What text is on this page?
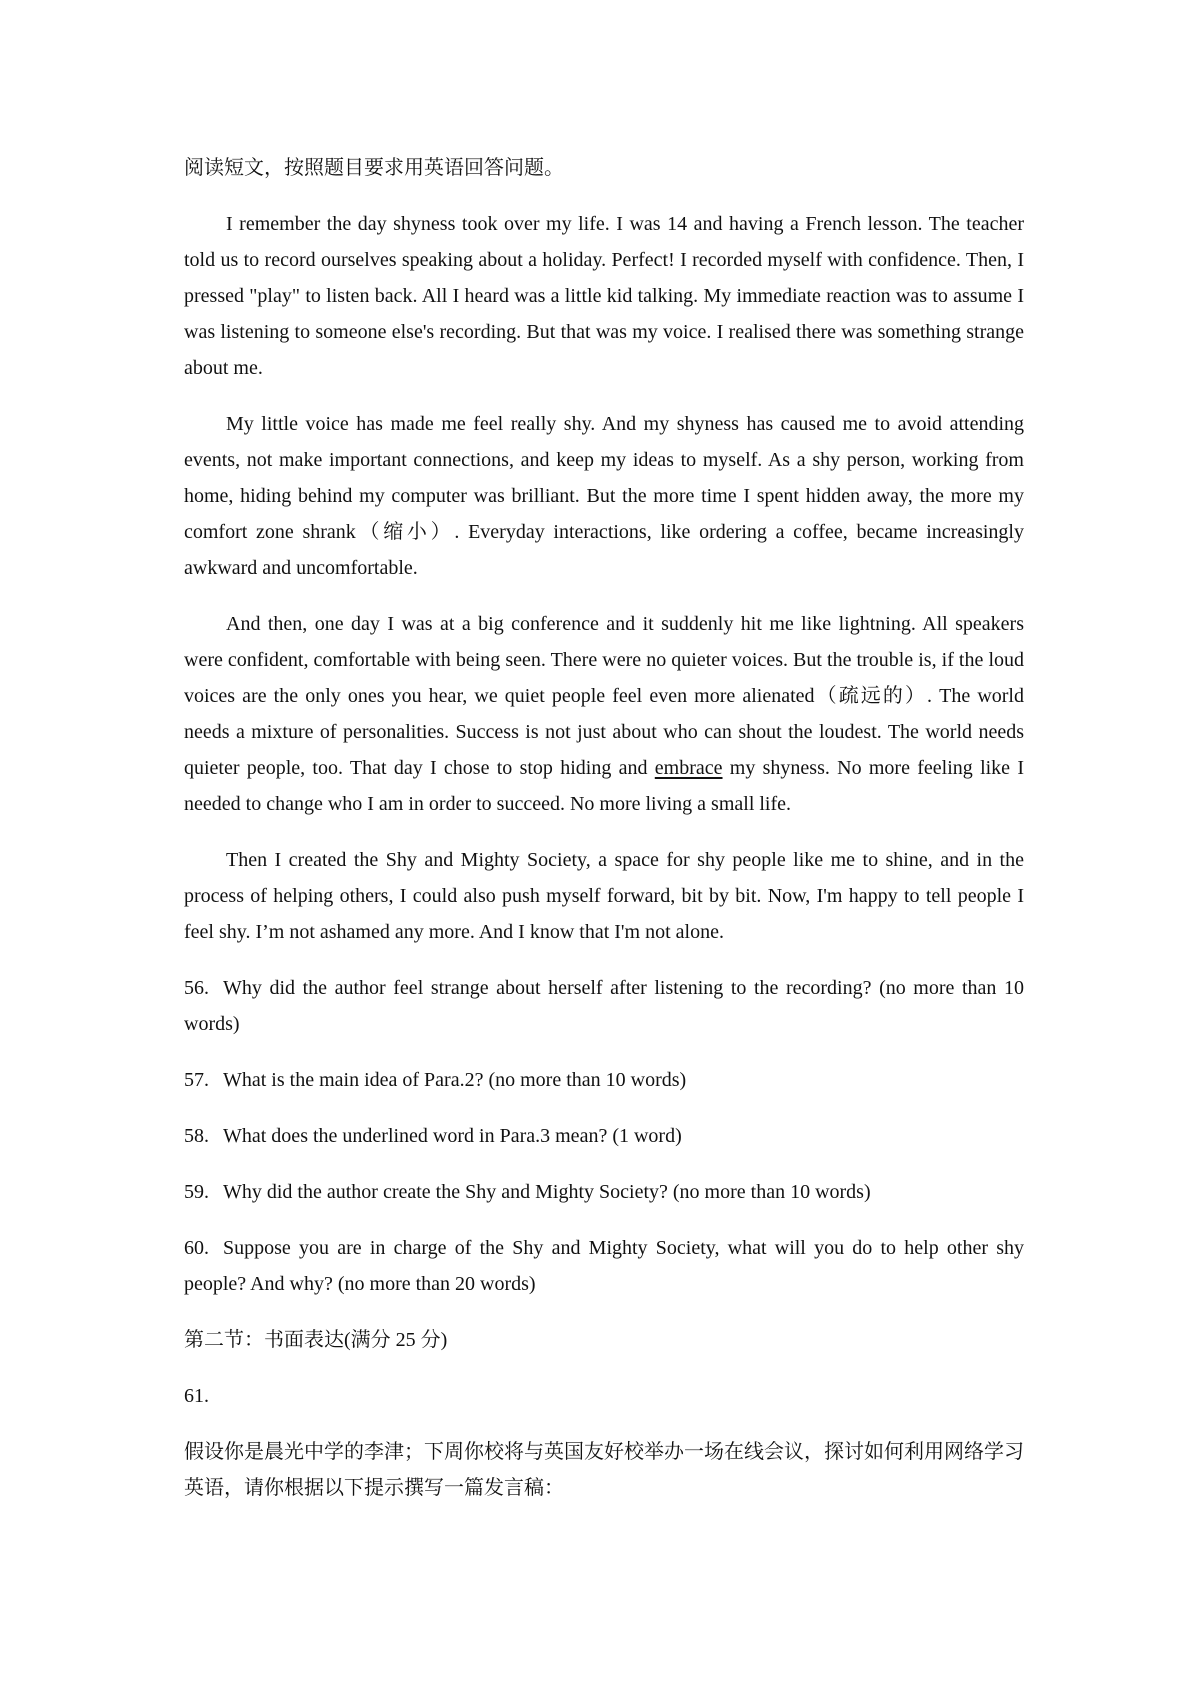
阅读短文，按照题目要求用英语回答问题。

I remember the day shyness took over my life. I was 14 and having a French lesson. The teacher told us to record ourselves speaking about a holiday. Perfect! I recorded myself with confidence. Then, I pressed "play" to listen back. All I heard was a little kid talking. My immediate reaction was to assume I was listening to someone else's recording. But that was my voice. I realised there was something strange about me.

My little voice has made me feel really shy. And my shyness has caused me to avoid attending events, not make important connections, and keep my ideas to myself. As a shy person, working from home, hiding behind my computer was brilliant. But the more time I spent hidden away, the more my comfort zone shrank（缩小）. Everyday interactions, like ordering a coffee, became increasingly awkward and uncomfortable.

And then, one day I was at a big conference and it suddenly hit me like lightning. All speakers were confident, comfortable with being seen. There were no quieter voices. But the trouble is, if the loud voices are the only ones you hear, we quiet people feel even more alienated（疏远的）. The world needs a mixture of personalities. Success is not just about who can shout the loudest. The world needs quieter people, too. That day I chose to stop hiding and embrace my shyness. No more feeling like I needed to change who I am in order to succeed. No more living a small life.

Then I created the Shy and Mighty Society, a space for shy people like me to shine, and in the process of helping others, I could also push myself forward, bit by bit. Now, I'm happy to tell people I feel shy. I’m not ashamed any more. And I know that I'm not alone.

56. Why did the author feel strange about herself after listening to the recording? (no more than 10 words)

57. What is the main idea of Para.2? (no more than 10 words)

58. What does the underlined word in Para.3 mean? (1 word)

59. Why did the author create the Shy and Mighty Society? (no more than 10 words)

60. Suppose you are in charge of the Shy and Mighty Society, what will you do to help other shy people? And why? (no more than 20 words)

第二节：书面表达(满分 25 分)

61.

假设你是晨光中学的李津；下周你校将与英国友好校举办一场在线会议，探讨如何利用网络学习英语，请你根据以下提示撰写一篇发言稿：
